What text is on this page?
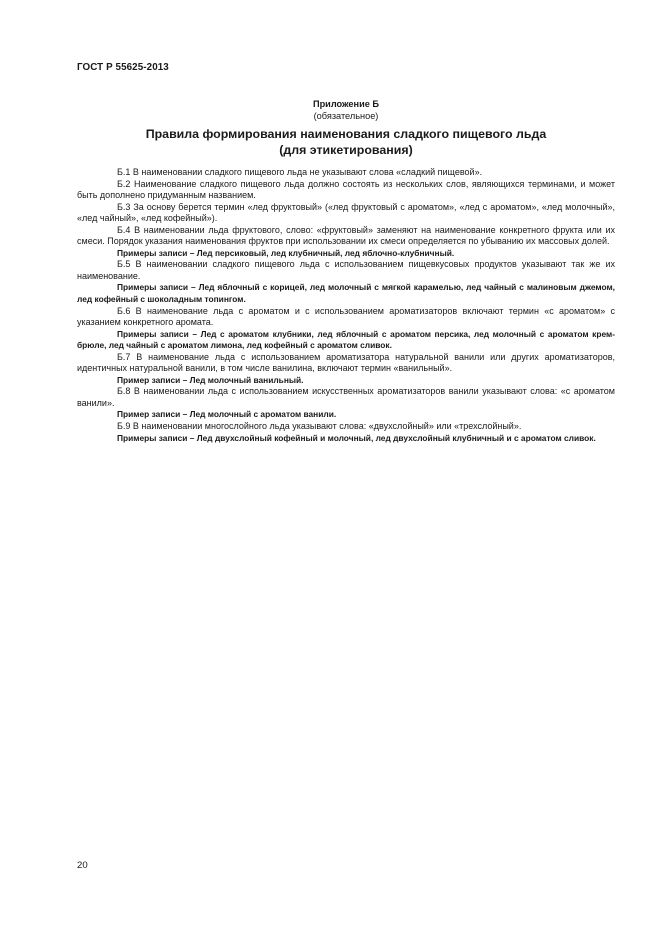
ГОСТ Р 55625-2013
Приложение Б
(обязательное)
Правила формирования наименования сладкого пищевого льда
(для этикетирования)

Б.1 В наименовании сладкого пищевого льда не указывают слова «сладкий пищевой».

Б.2 Наименование сладкого пищевого льда должно состоять из нескольких слов, являющихся терминами, и может быть дополнено придуманным названием.

Б.3 За основу берется термин «лед фруктовый» («лед фруктовый с ароматом», «лед с ароматом», «лед молочный», «лед чайный», «лед кофейный»).

Б.4 В наименовании льда фруктового, слово: «фруктовый» заменяют на наименование конкретного фрукта или их смеси. Порядок указания наименования фруктов при использовании их смеси определяется по убыванию их массовых долей.

Примеры записи – Лед персиковый, лед клубничный, лед яблочно-клубничный.

Б.5 В наименовании сладкого пищевого льда с использованием пищевкусовых продуктов указывают так же их наименование.

Примеры записи – Лед яблочный с корицей, лед молочный с мягкой карамелью, лед чайный с малиновым джемом, лед кофейный с шоколадным топингом.

Б.6 В наименование льда с ароматом и с использованием ароматизаторов включают термин «с ароматом» с указанием конкретного аромата.

Примеры записи – Лед с ароматом клубники, лед яблочный с ароматом персика, лед молочный с ароматом крем-брюле, лед чайный с ароматом лимона, лед кофейный с ароматом сливок.

Б.7 В наименование льда с использованием ароматизатора натуральной ванили или других ароматизаторов, идентичных натуральной ванили, в том числе ванилина, включают термин «ванильный».

Пример записи – Лед молочный ванильный.

Б.8 В наименовании льда с использованием искусственных ароматизаторов ванили указывают слова: «с ароматом ванили».

Пример записи – Лед молочный с ароматом ванили.

Б.9 В наименовании многослойного льда указывают слова: «двухслойный» или «трехслойный».

Примеры записи – Лед двухслойный кофейный и молочный, лед двухслойный клубничный и с ароматом сливок.

20
